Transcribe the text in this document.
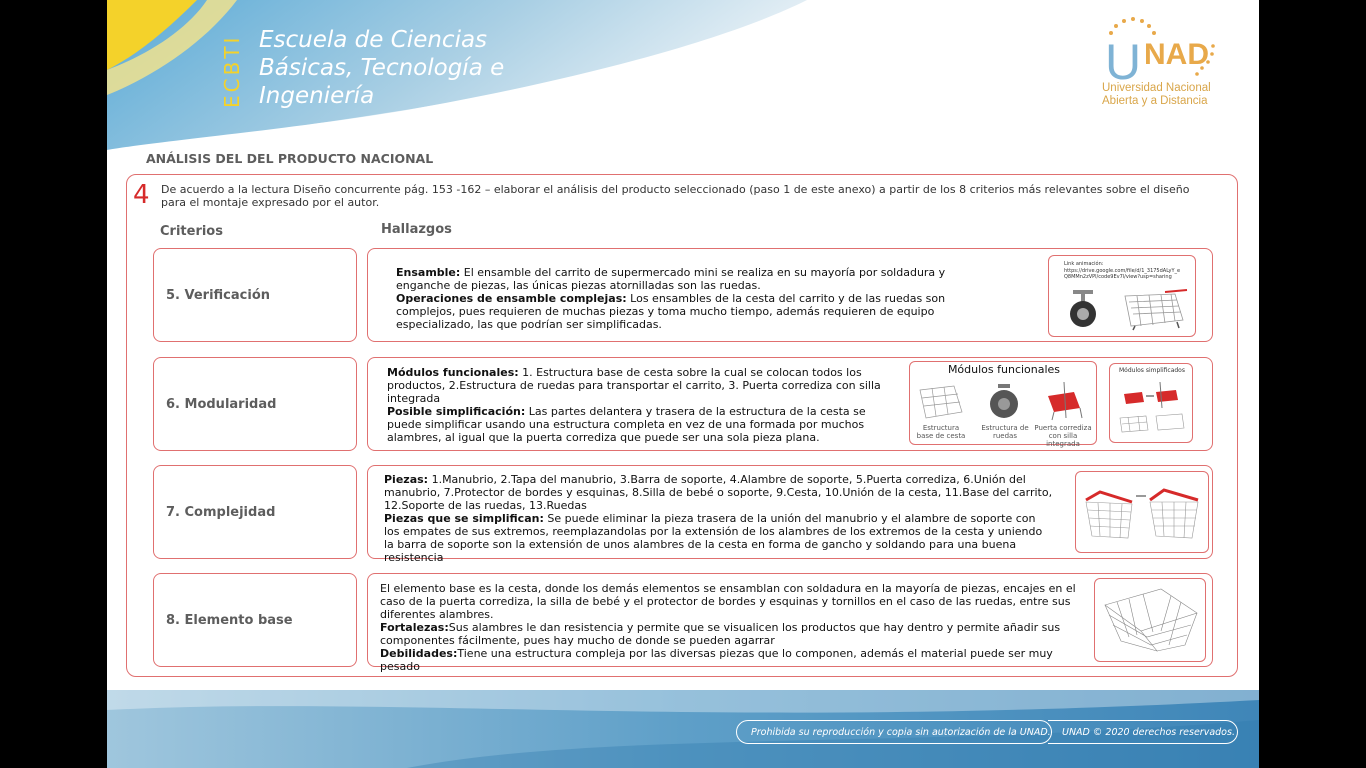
ECBTI Escuela de Ciencias
Básicas, Tecnología e
Ingeniería
U NAD
Universidad Nacional
Abierta y a Distancia
ANÁLISIS DEL DEL PRODUCTO NACIONAL
4 De acuerdo a la lectura Diseño concurrente pág. 153 -162 – elaborar el análisis del producto seleccionado (paso 1 de este anexo) a partir de los 8 criterios más relevantes sobre el diseño para el montaje expresado por el autor.
Criterios	Hallazgos
5. Verificación
Ensamble: El ensamble del carrito de supermercado mini se realiza en su mayoría por soldadura y enganche de piezas, las únicas piezas atornilladas son las ruedas.
Operaciones de ensamble complejas: Los ensambles de la cesta del carrito y de las ruedas son complejos, pues requieren de muchas piezas y toma mucho tiempo, además requieren de equipo especializado, las que podrían ser simplificadas.
Link animación:
https://drive.google.com/file/d/1_3175dALyY_e
Q8MMn2zVPl/code9Ev7l/view?usp=sharing
6. Modularidad
Módulos funcionales: 1. Estructura base de cesta sobre la cual se colocan todos los productos, 2.Estructura de ruedas para transportar el carrito, 3. Puerta corrediza con silla integrada
Posible simplificación: Las partes delantera y trasera de la estructura de la cesta se puede simplificar usando una estructura completa en vez de una formada por muchos alambres, al igual que la puerta corrediza que puede ser una sola pieza plana.
Módulos funcionales
Estructura base de cesta
Estructura de ruedas
Puerta corrediza con silla integrada
Módulos simplificados
7. Complejidad
Piezas: 1.Manubrio, 2.Tapa del manubrio, 3.Barra de soporte, 4.Alambre de soporte, 5.Puerta corrediza, 6.Unión del manubrio, 7.Protector de bordes y esquinas, 8.Silla de bebé o soporte, 9.Cesta, 10.Unión de la cesta, 11.Base del carrito, 12.Soporte de las ruedas, 13.Ruedas
Piezas que se simplifican: Se puede eliminar la pieza trasera de la unión del manubrio y el alambre de soporte con los empates de sus extremos, reemplazandolas por la extensión de los alambres de los extremos de la cesta y uniendo la barra de soporte son la extensión de unos alambres de la cesta en forma de gancho y soldando para una buena resistencia
8. Elemento base
El elemento base es la cesta, donde los demás elementos se ensamblan con soldadura en la mayoría de piezas, encajes en el caso de la puerta corrediza, la silla de bebé y el protector de bordes y esquinas y tornillos en el caso de las ruedas, entre sus diferentes alambres.
Fortalezas:Sus alambres le dan resistencia y permite que se visualicen los productos que hay dentro y permite añadir sus componentes fácilmente, pues hay mucho de donde se pueden agarrar
Debilidades:Tiene una estructura compleja por las diversas piezas que lo componen, además el material puede ser muy pesado
Prohibida su reproducción y copia sin autorización de la UNAD.	UNAD © 2020 derechos reservados.
